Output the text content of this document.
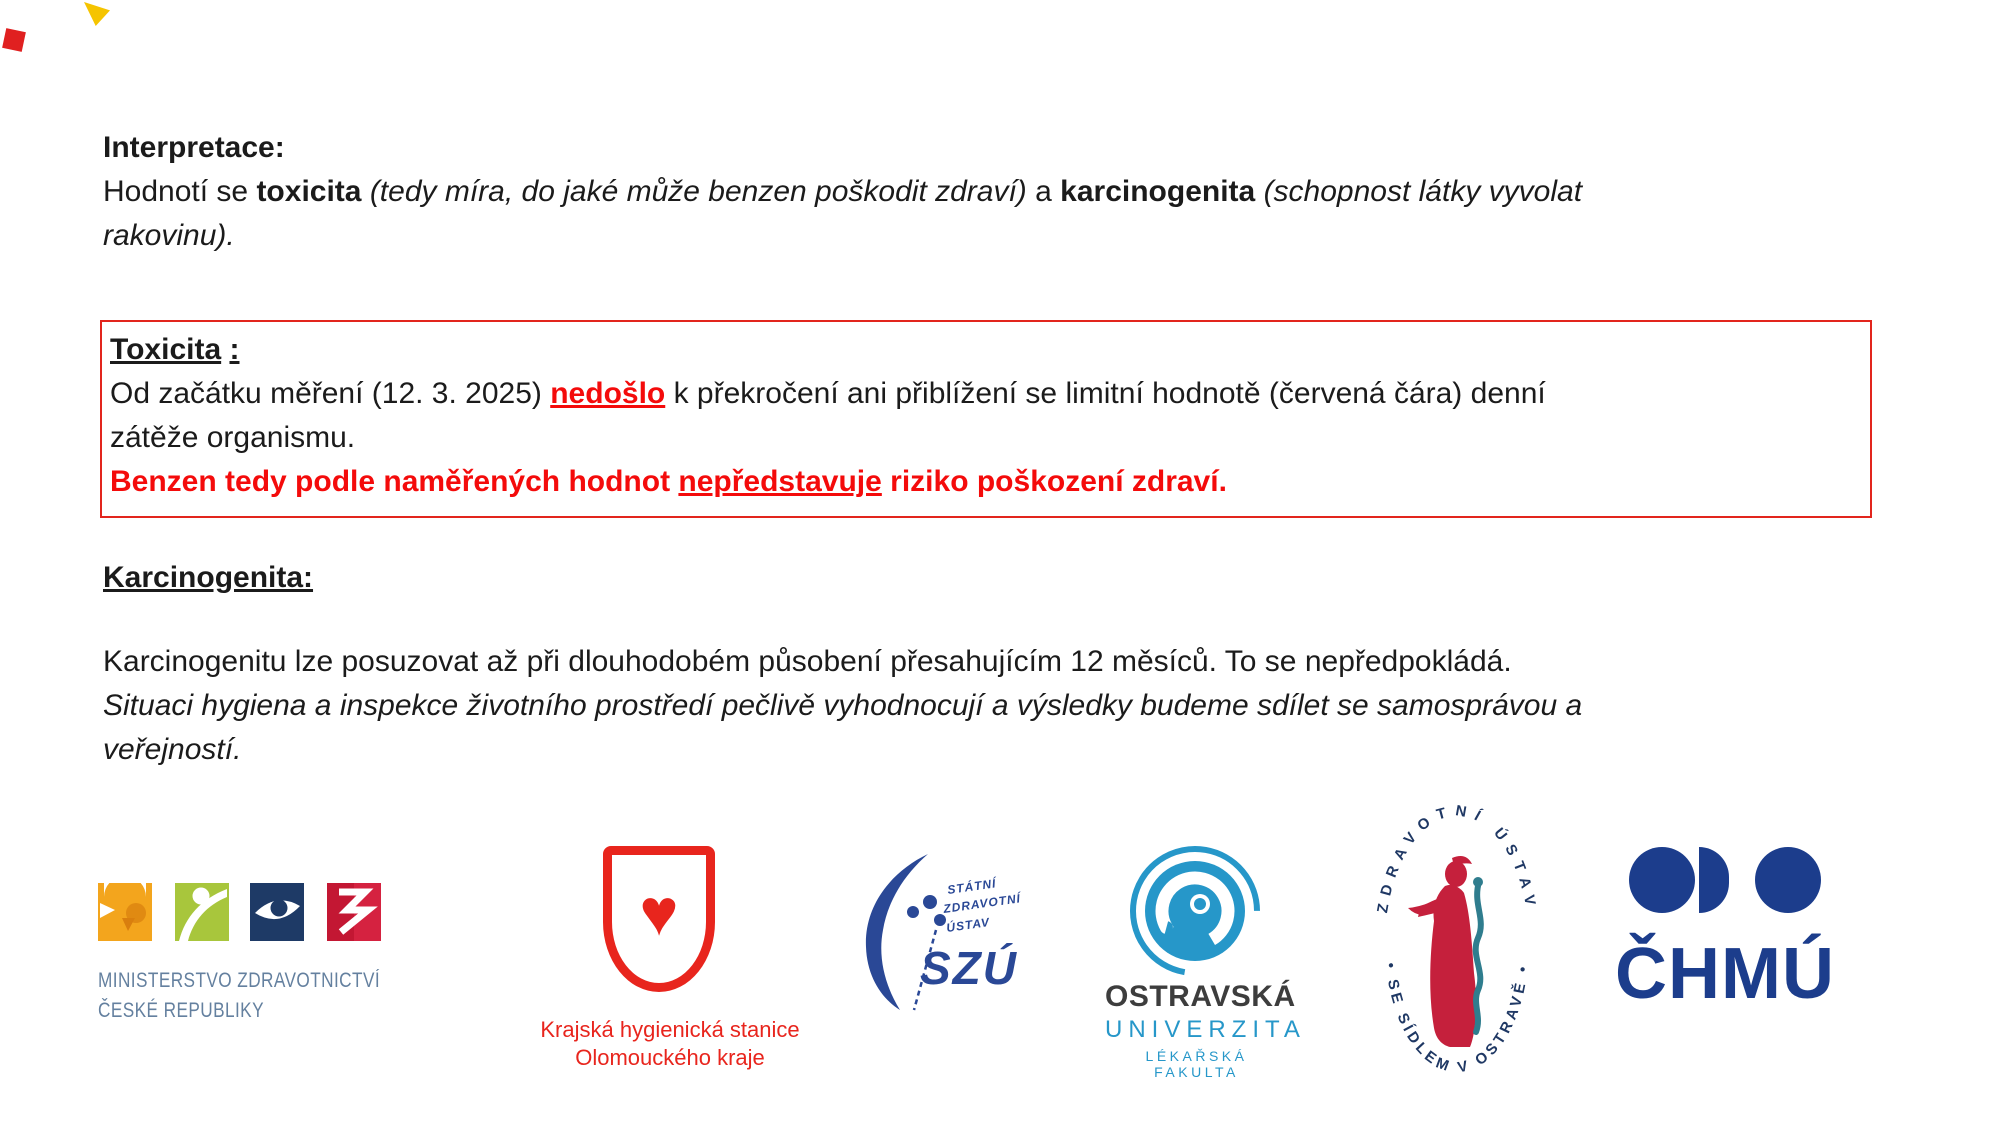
Interpretace:
Hodnotí se toxicita (tedy míra, do jaké může benzen poškodit zdraví) a karcinogenita (schopnost látky vyvolat
rakovinu).
Toxicita :
Od začátku měření (12. 3. 2025) nedošlo k překročení ani přiblížení se limitní hodnotě (červená čára) denní
zátěže organismu.
Benzen tedy podle naměřených hodnot nepředstavuje riziko poškození zdraví.
Karcinogenita:
Karcinogenitu lze posuzovat až při dlouhodobém působení přesahujícím 12 měsíců. To se nepředpokládá.
Situaci hygiena a inspekce životního prostředí pečlivě vyhodnocují a výsledky budeme sdílet se samosprávou a
veřejností.
MINISTERSTVO ZDRAVOTNICTVÍ
ČESKÉ REPUBLIKY
♥
Krajská hygienická stanice
Olomouckého kraje
STÁTNÍ
ZDRAVOTNÍ
ÚSTAV
SZÚ
OSTRAVSKÁ
UNIVERZITA
LÉKAŘSKÁ FAKULTA
ZDRAVOTNÍ ÚSTAV
• SE SÍDLEM V OSTRAVĚ • ČHMÚ
